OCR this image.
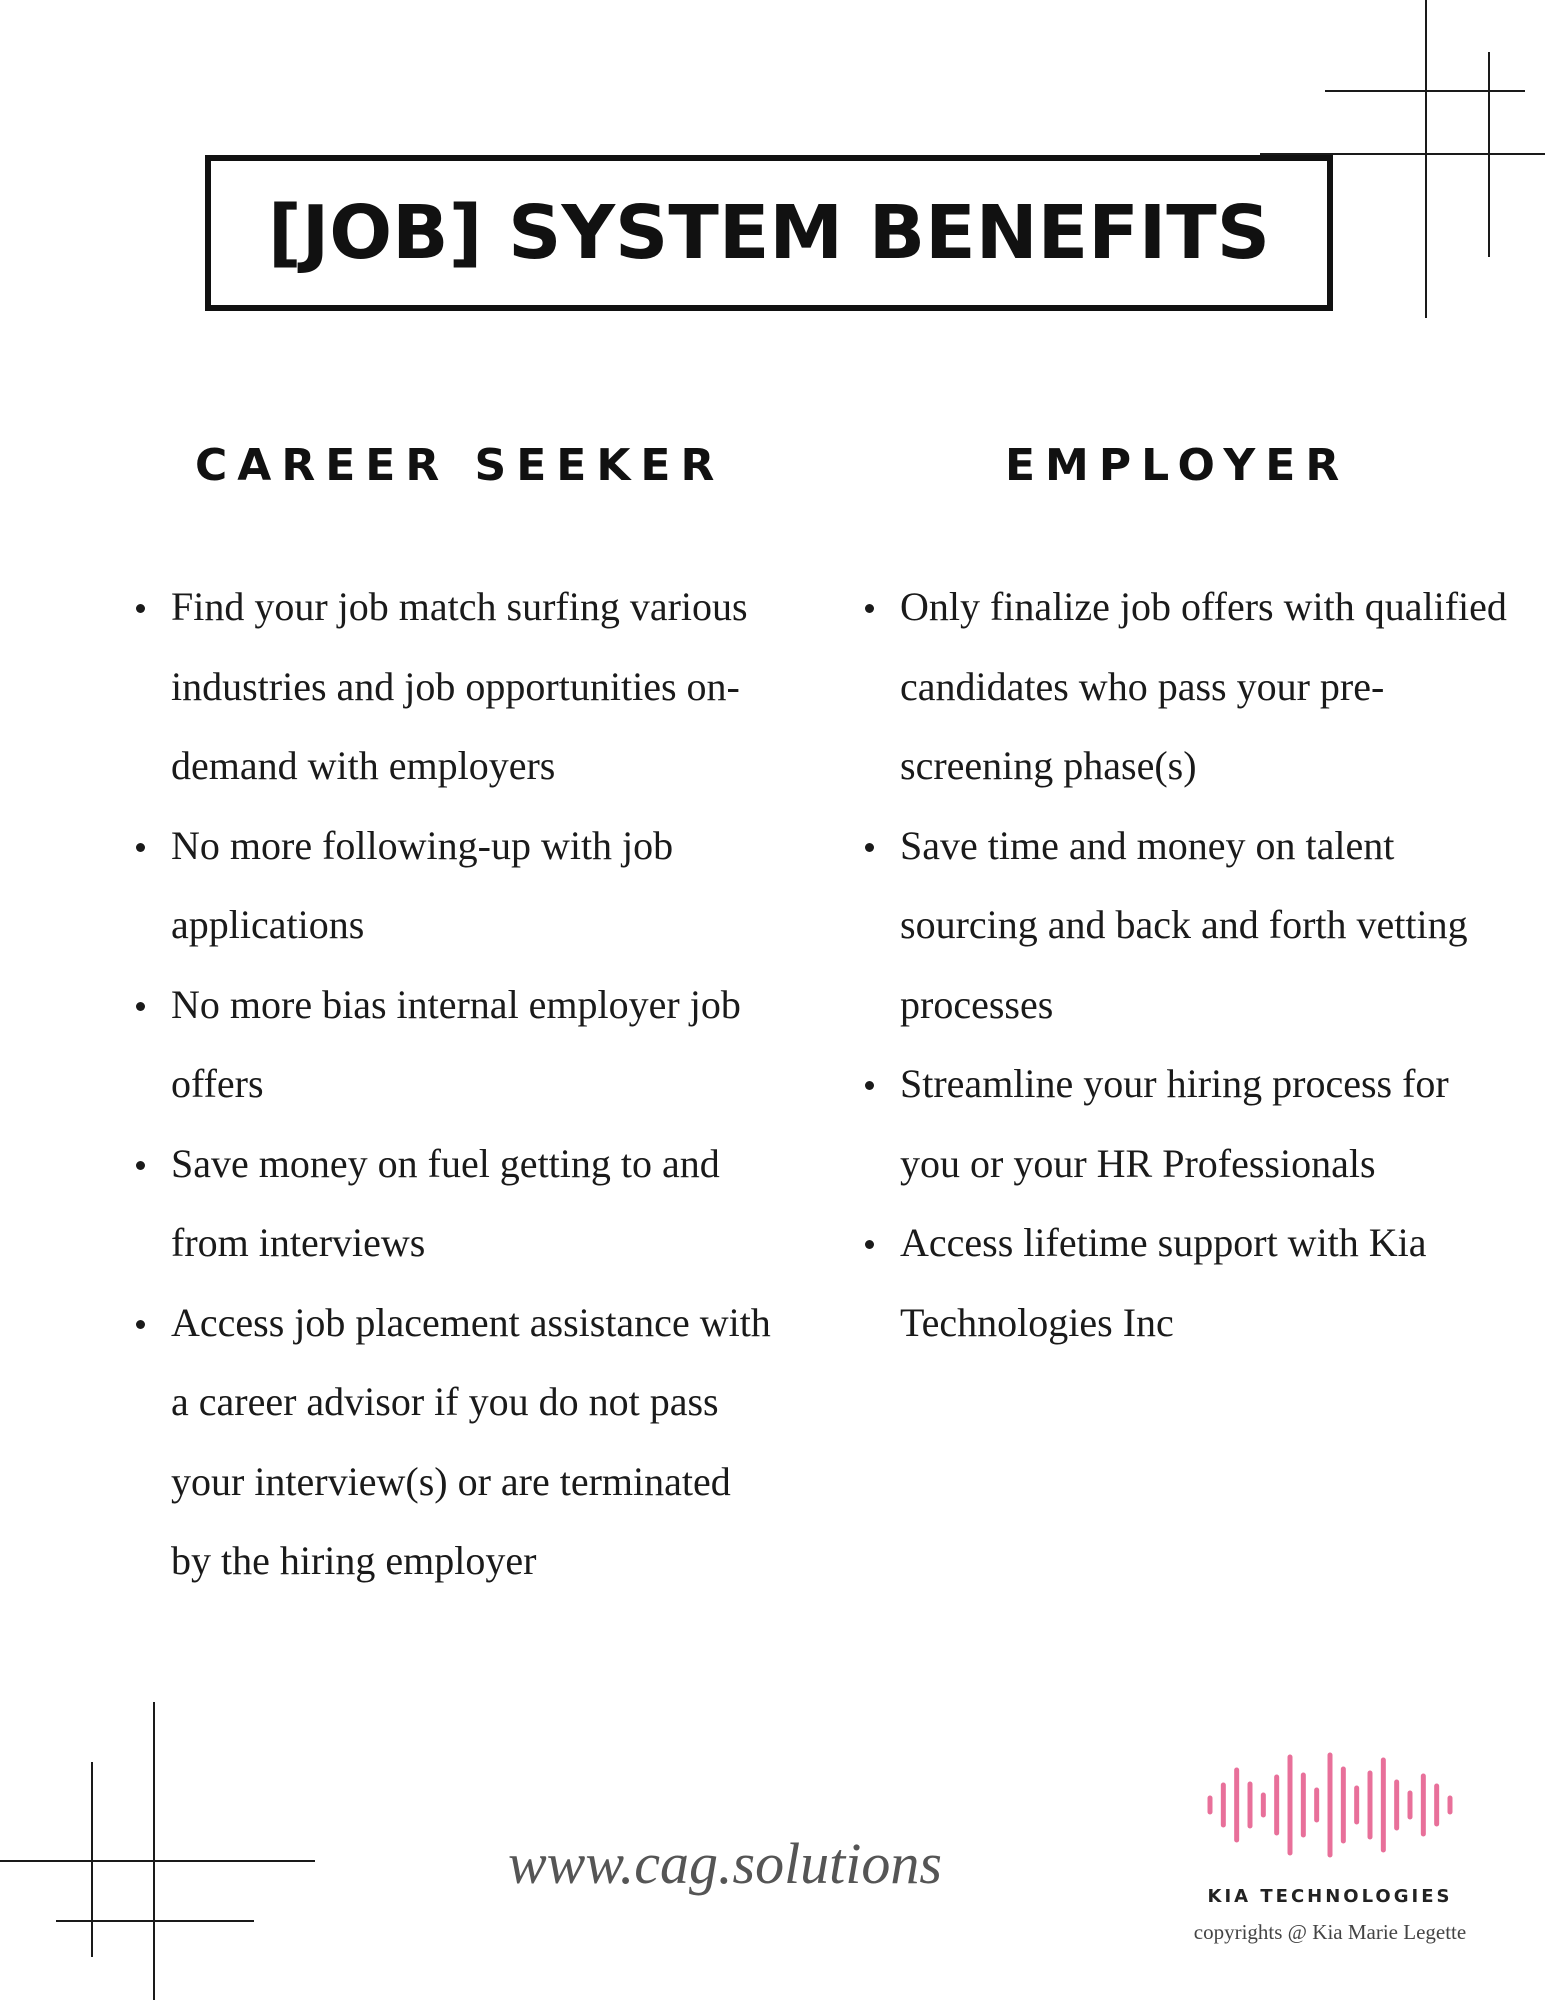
[JOB] SYSTEM BENEFITS
CAREER SEEKER	EMPLOYER
Find your job match surfing various industries and job opportunities on-demand with employers
No more following-up with job applications
No more bias internal employer job offers
Save money on fuel getting to and from interviews
Access job placement assistance with a career advisor if you do not pass your interview(s) or are terminated by the hiring employer
Only finalize job offers with qualified candidates who pass your pre-screening phase(s)
Save time and money on talent sourcing and back and forth vetting processes
Streamline your hiring process for you or your HR Professionals
Access lifetime support with Kia Technologies Inc
www.cag.solutions
KIA TECHNOLOGIES
copyrights @ Kia Marie Legette
